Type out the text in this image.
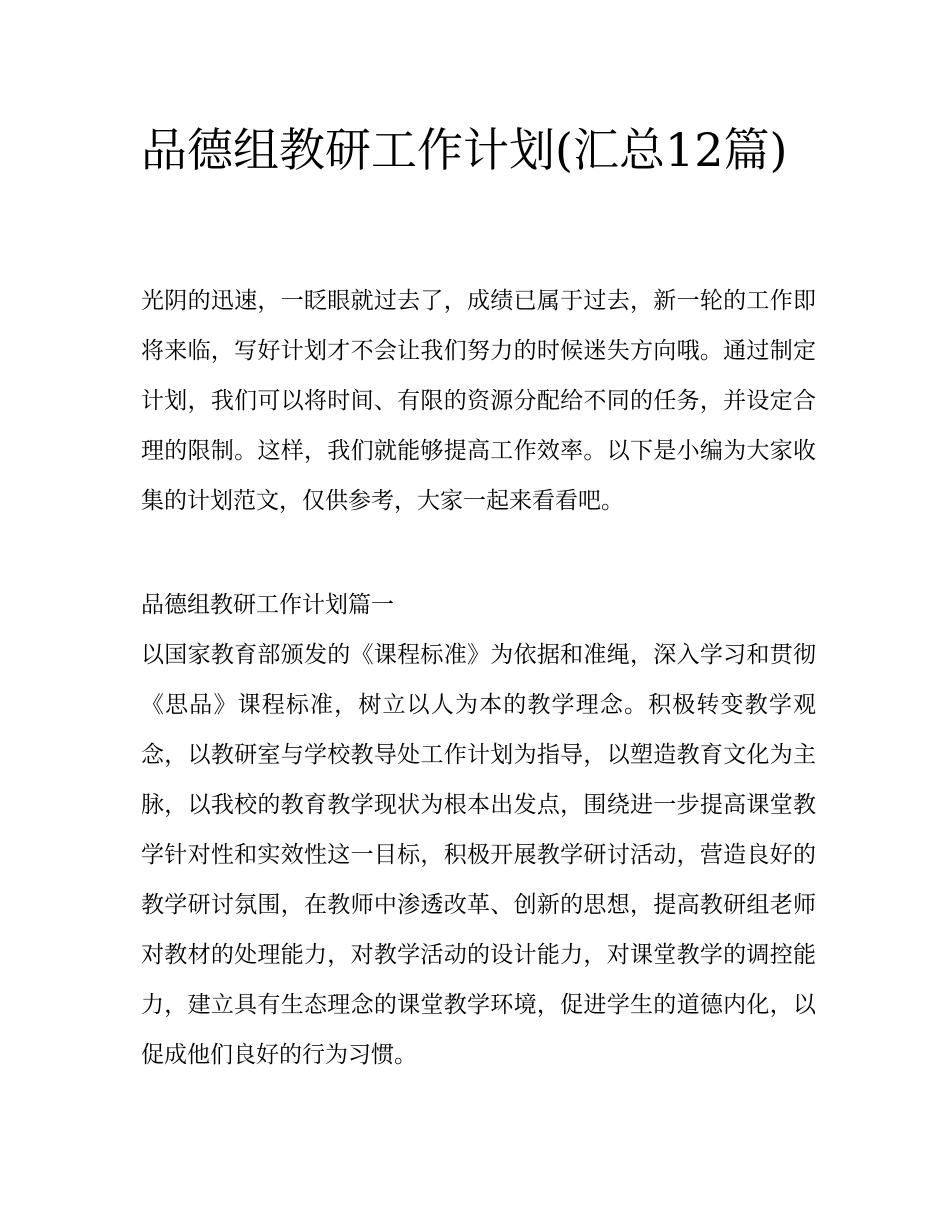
品德组教研工作计划(汇总12篇)

光阴的迅速，一眨眼就过去了，成绩已属于过去，新一轮的工作即将来临，写好计划才不会让我们努力的时候迷失方向哦。通过制定计划，我们可以将时间、有限的资源分配给不同的任务，并设定合理的限制。这样，我们就能够提高工作效率。以下是小编为大家收集的计划范文，仅供参考，大家一起来看看吧。

品德组教研工作计划篇一

以国家教育部颁发的《课程标准》为依据和准绳，深入学习和贯彻《思品》课程标准，树立以人为本的教学理念。积极转变教学观念，以教研室与学校教导处工作计划为指导，以塑造教育文化为主脉，以我校的教育教学现状为根本出发点，围绕进一步提高课堂教学针对性和实效性这一目标，积极开展教学研讨活动，营造良好的教学研讨氛围，在教师中渗透改革、创新的思想，提高教研组老师对教材的处理能力，对教学活动的设计能力，对课堂教学的调控能力，建立具有生态理念的课堂教学环境，促进学生的道德内化，以促成他们良好的行为习惯。
